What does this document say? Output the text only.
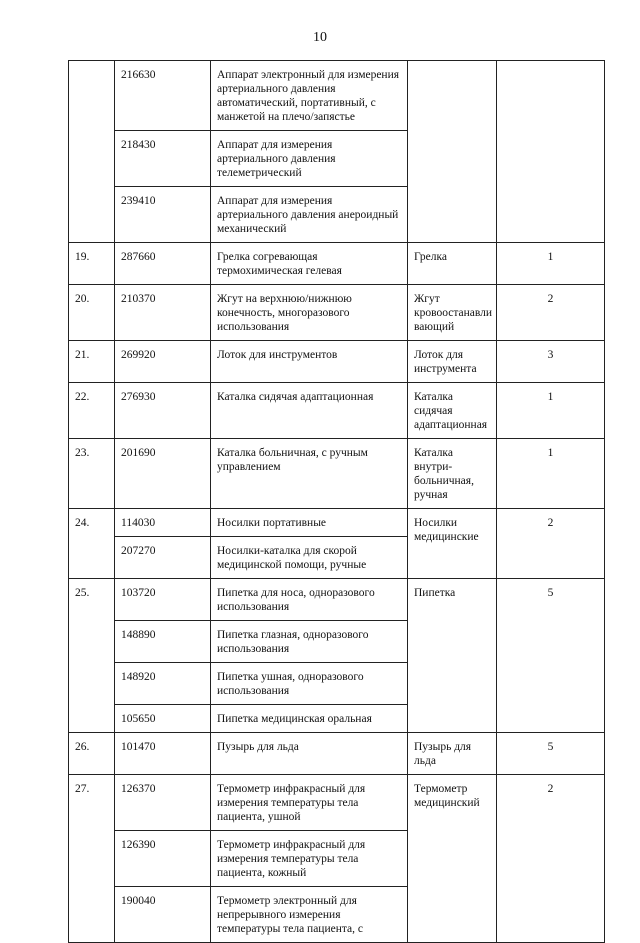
10
	216630	Аппарат электронный для измерения артериального давления автоматический, портативный, с манжетой на плечо/запястье		
	218430	Аппарат для измерения артериального давления телеметрический		
	239410	Аппарат для измерения артериального давления анероидный механический		
19.	287660	Грелка согревающая термохимическая гелевая	Грелка	1
20.	210370	Жгут на верхнюю/нижнюю конечность, многоразового использования	Жгут кровоостанавли вающий	2
21.	269920	Лоток для инструментов	Лоток для инструмента	3
22.	276930	Каталка сидячая адаптационная	Каталка сидячая адаптационная	1
23.	201690	Каталка больничная, с ручным управлением	Каталка внутри-больничная, ручная	1
24.	114030	Носилки портативные	Носилки медицинские	2
	207270	Носилки-каталка для скорой медицинской помощи, ручные		
25.	103720	Пипетка для носа, одноразового использования	Пипетка	5
	148890	Пипетка глазная, одноразового использования		
	148920	Пипетка ушная, одноразового использования		
	105650	Пипетка медицинская оральная		
26.	101470	Пузырь для льда	Пузырь для льда	5
27.	126370	Термометр инфракрасный для измерения температуры тела пациента, ушной	Термометр медицинский	2
	126390	Термометр инфракрасный для измерения температуры тела пациента, кожный		
	190040	Термометр электронный для непрерывного измерения температуры тела пациента, с		
